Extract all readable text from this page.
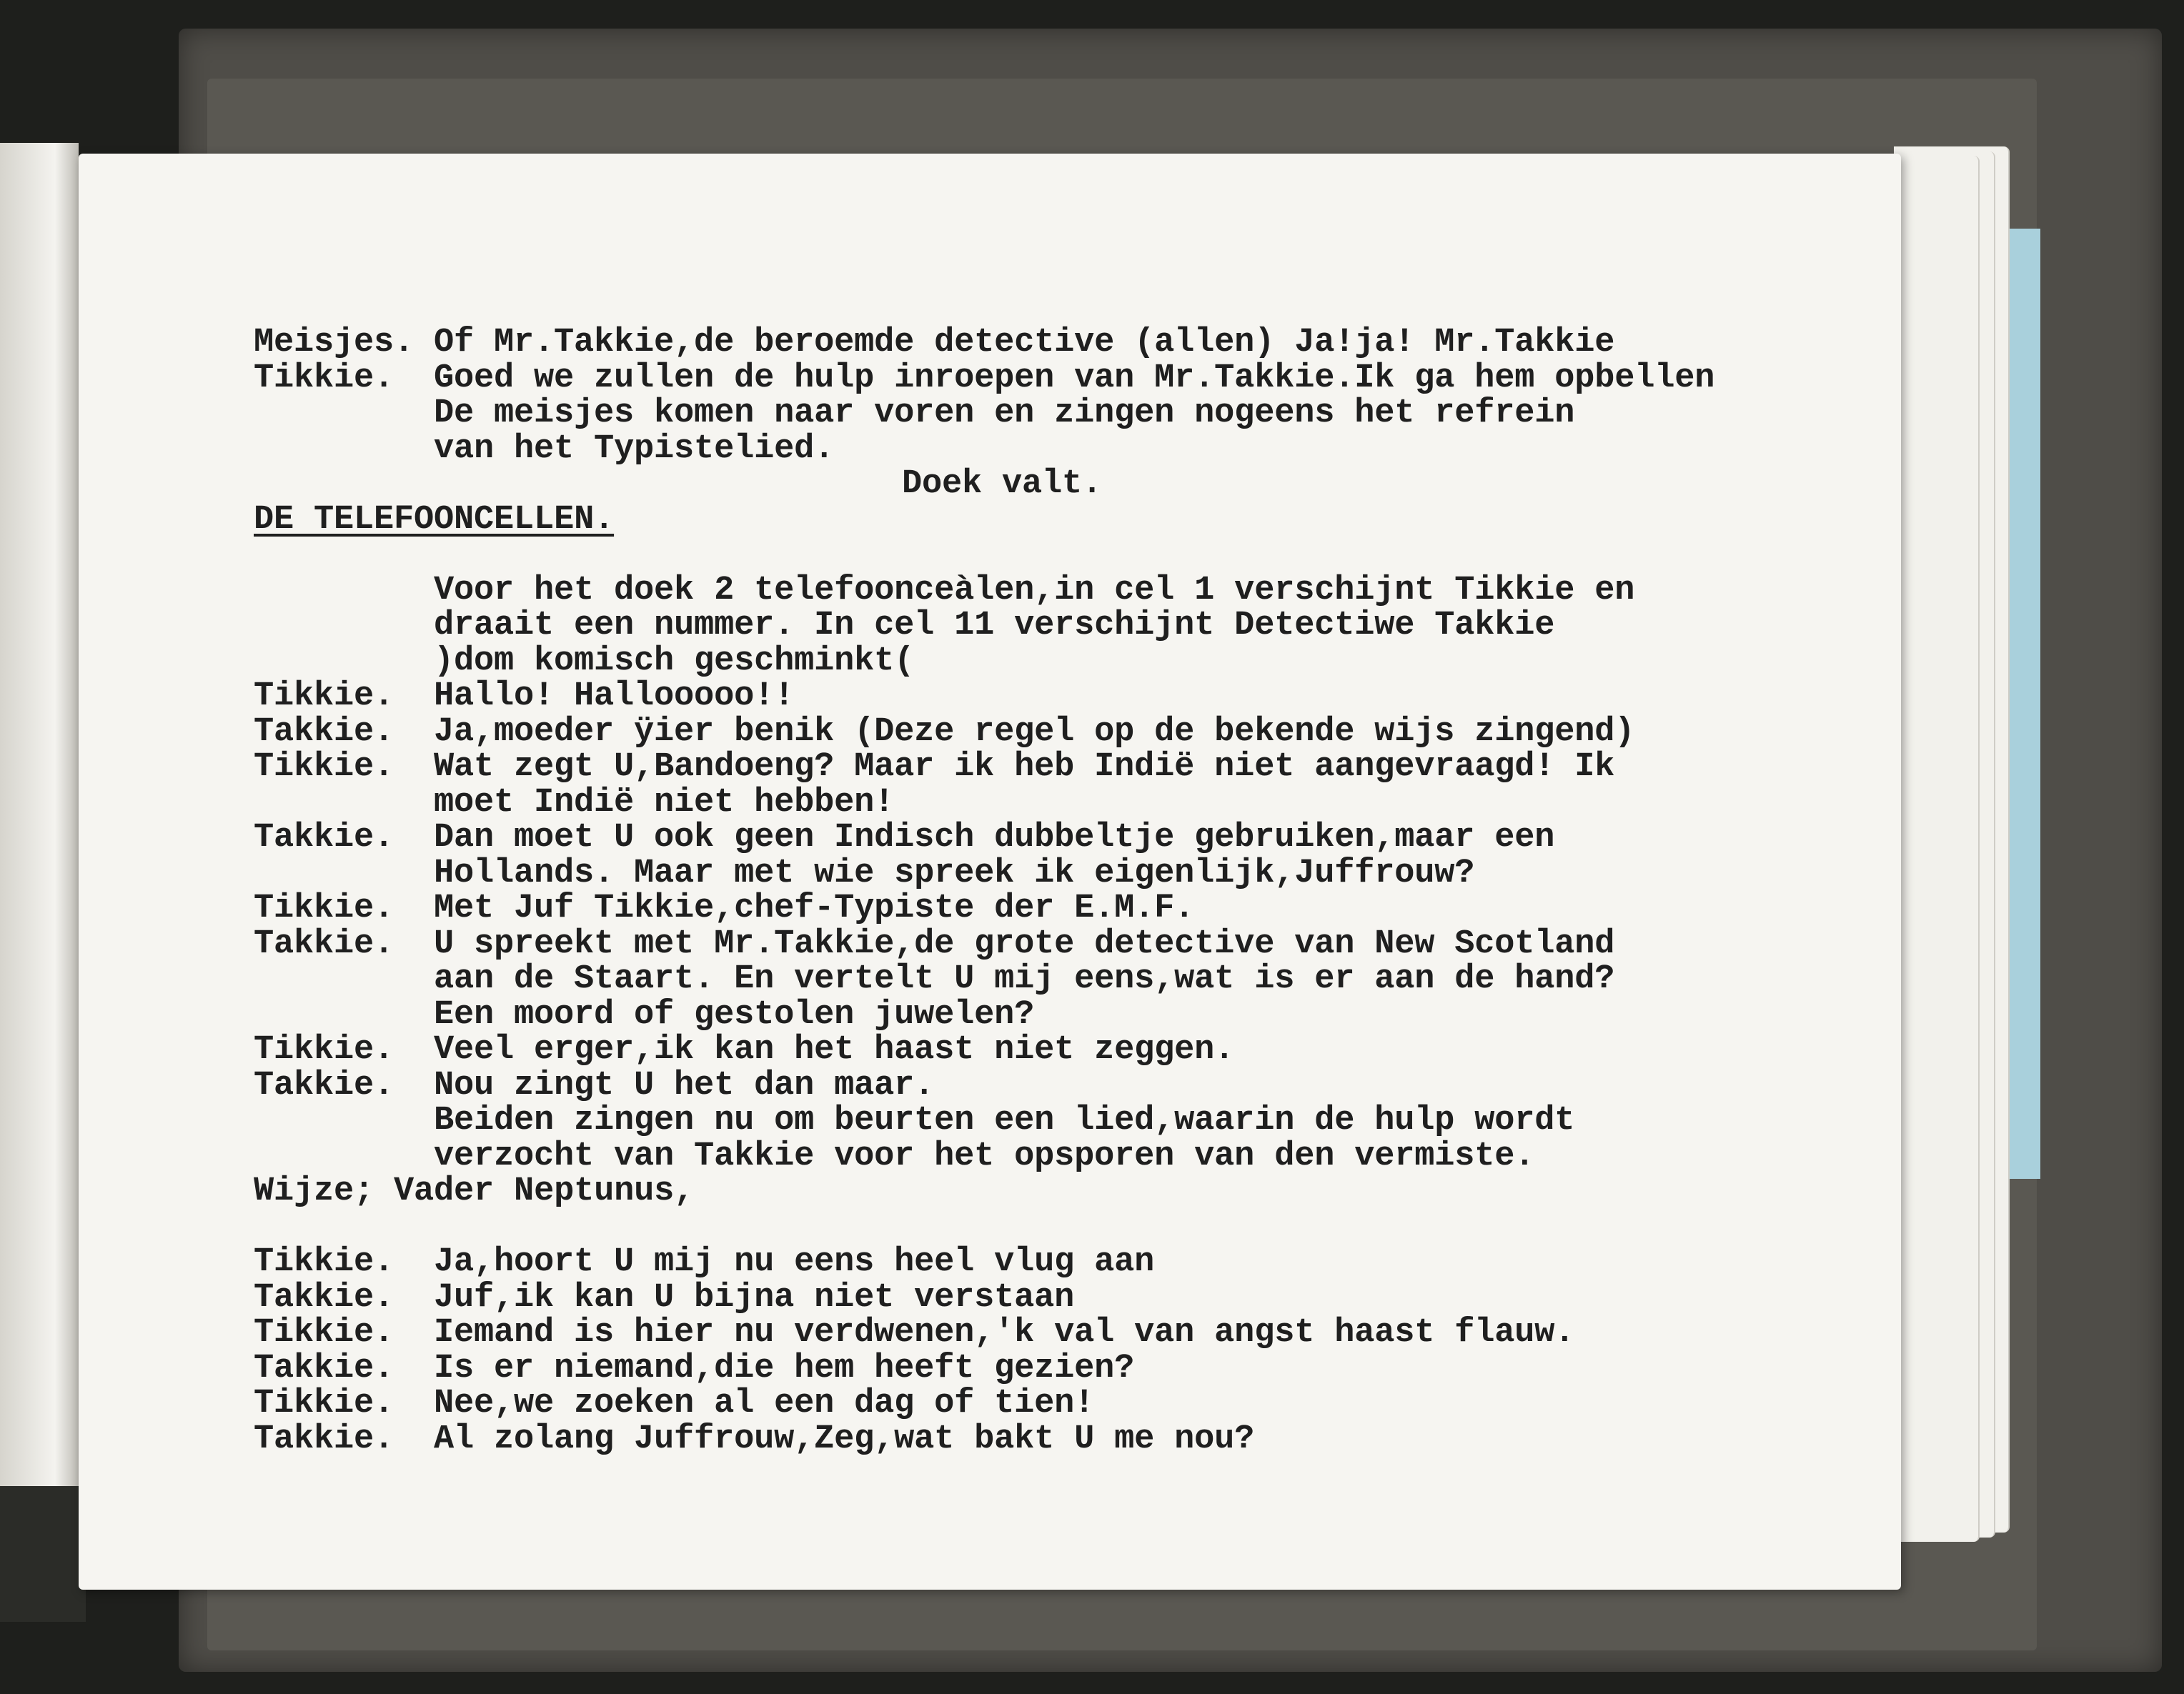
Meisjes.

Of Mr.Takkie,de beroemde detective (allen) Ja!ja! Mr.Takkie

Tikkie.

Goed we zullen de hulp inroepen van Mr.Takkie.Ik ga hem opbellen

De meisjes komen naar voren en zingen nogeens het refrein

van het Typistelied.

Doek valt.

DE TELEFOONCELLEN.

Voor het doek 2 telefoonceàlen,in cel 1 verschijnt Tikkie en

draait een nummer. In cel 11 verschijnt Detectiwe Takkie

)dom komisch geschminkt(

Tikkie.

Hallo! Hallooooo!!

Takkie.

Ja,moeder ÿier benik (Deze regel op de bekende wijs zingend)

Tikkie.

Wat zegt U,Bandoeng? Maar ik heb Indië niet aangevraagd! Ik

moet Indië niet hebben!

Takkie.

Dan moet U ook geen Indisch dubbeltje gebruiken,maar een

Hollands. Maar met wie spreek ik eigenlijk,Juffrouw?

Tikkie.

Met Juf Tikkie,chef-Typiste der E.M.F.

Takkie.

U spreekt met Mr.Takkie,de grote detective van New Scotland

aan de Staart. En vertelt U mij eens,wat is er aan de hand?

Een moord of gestolen juwelen?

Tikkie.

Veel erger,ik kan het haast niet zeggen.

Takkie.

Nou zingt U het dan maar.

Beiden zingen nu om beurten een lied,waarin de hulp wordt

verzocht van Takkie voor het opsporen van den vermiste.

Wijze; Vader Neptunus,

Tikkie.

Ja,hoort U mij nu eens heel vlug aan

Takkie.

Juf,ik kan U bijna niet verstaan

Tikkie.

Iemand is hier nu verdwenen,'k val van angst haast flauw.

Takkie.

Is er niemand,die hem heeft gezien?

Tikkie.

Nee,we zoeken al een dag of tien!

Takkie.

Al zolang Juffrouw,Zeg,wat bakt U me nou?
